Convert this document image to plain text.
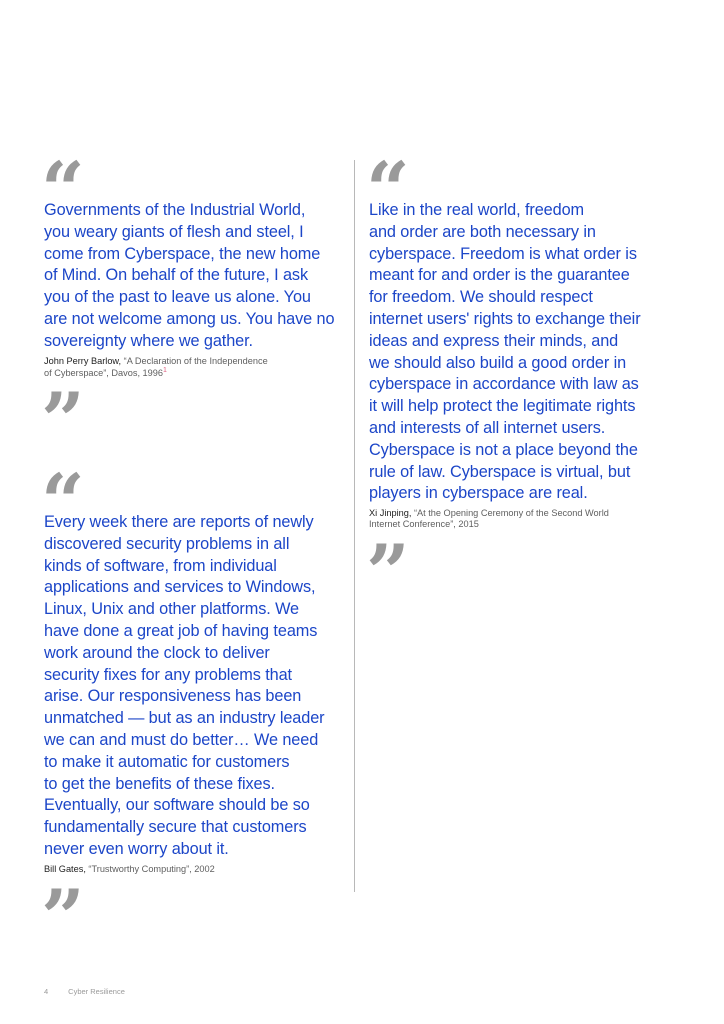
“

Governments of the Industrial World,
you weary giants of flesh and steel, I
come from Cyberspace, the new home
of Mind. On behalf of the future, I ask
you of the past to leave us alone. You
are not welcome among us. You have no
sovereignty where we gather.

John Perry Barlow, “A Declaration of the Independence
of Cyberspace”, Davos, 1996$^1$

”
“

Every week there are reports of newly
discovered security problems in all
kinds of software, from individual
applications and services to Windows,
Linux, Unix and other platforms. We
have done a great job of having teams
work around the clock to deliver
security fixes for any problems that
arise. Our responsiveness has been
unmatched — but as an industry leader
we can and must do better… We need
to make it automatic for customers
to get the benefits of these fixes.
Eventually, our software should be so
fundamentally secure that customers
never even worry about it.

Bill Gates, “Trustworthy Computing”, 2002

”
“

Like in the real world, freedom
and order are both necessary in
cyberspace. Freedom is what order is
meant for and order is the guarantee
for freedom. We should respect
internet users' rights to exchange their
ideas and express their minds, and
we should also build a good order in
cyberspace in accordance with law as
it will help protect the legitimate rights
and interests of all internet users.
Cyberspace is not a place beyond the
rule of law. Cyberspace is virtual, but
players in cyberspace are real.

Xi Jinping, “At the Opening Ceremony of the Second World
Internet Conference”, 2015

”
4	Cyber Resilience
